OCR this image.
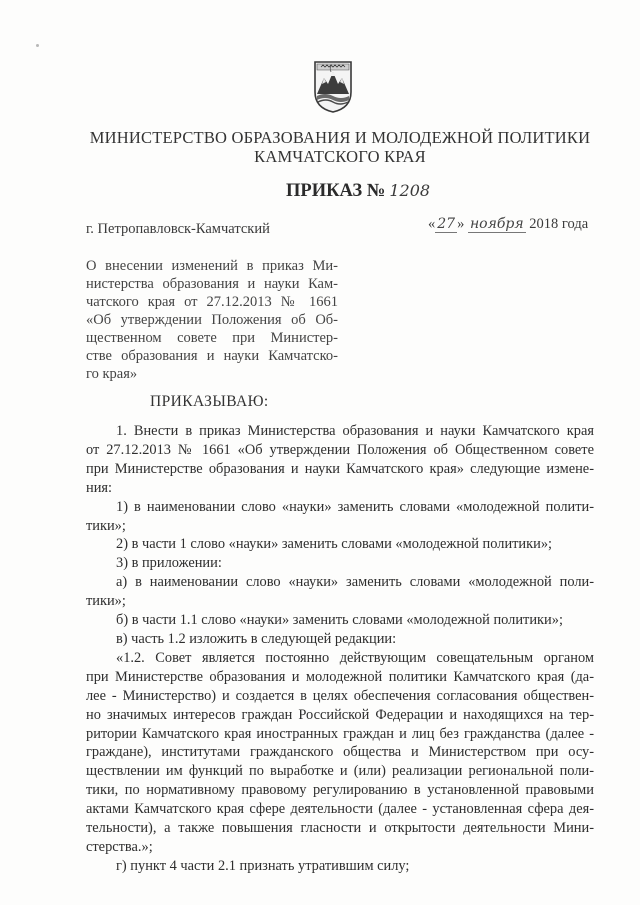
МИНИСТЕРСТВО ОБРАЗОВАНИЯ И МОЛОДЕЖНОЙ ПОЛИТИКИ
КАМЧАТСКОГО КРАЯ
ПРИКАЗ № 1208
г. Петропавловск-Камчатский	« 27 » ноября 2018 года
О внесении изменений в приказ Ми-
нистерства образования и науки Кам-
чатского края от 27.12.2013 № 1661
«Об утверждении Положения об Об-
щественном совете при Министер-
стве образования и науки Камчатско-
го края»
ПРИКАЗЫВАЮ:
1. Внести в приказ Министерства образования и науки Камчатского края
от 27.12.2013 № 1661 «Об утверждении Положения об Общественном совете
при Министерстве образования и науки Камчатского края» следующие измене-
ния:
1) в наименовании слово «науки» заменить словами «молодежной полити-
тики»;
2) в части 1 слово «науки» заменить словами «молодежной политики»;
3) в приложении:
а) в наименовании слово «науки» заменить словами «молодежной поли-
тики»;
б) в части 1.1 слово «науки» заменить словами «молодежной политики»;
в) часть 1.2 изложить в следующей редакции:
«1.2. Совет является постоянно действующим совещательным органом
при Министерстве образования и молодежной политики Камчатского края (да-
лее - Министерство) и создается в целях обеспечения согласования обществен-
но значимых интересов граждан Российской Федерации и находящихся на тер-
ритории Камчатского края иностранных граждан и лиц без гражданства (далее -
граждане), институтами гражданского общества и Министерством при осу-
ществлении им функций по выработке и (или) реализации региональной поли-
тики, по нормативному правовому регулированию в установленной правовыми
актами Камчатского края сфере деятельности (далее - установленная сфера дея-
тельности), а также повышения гласности и открытости деятельности Мини-
стерства.»;
г) пункт 4 части 2.1 признать утратившим силу;
